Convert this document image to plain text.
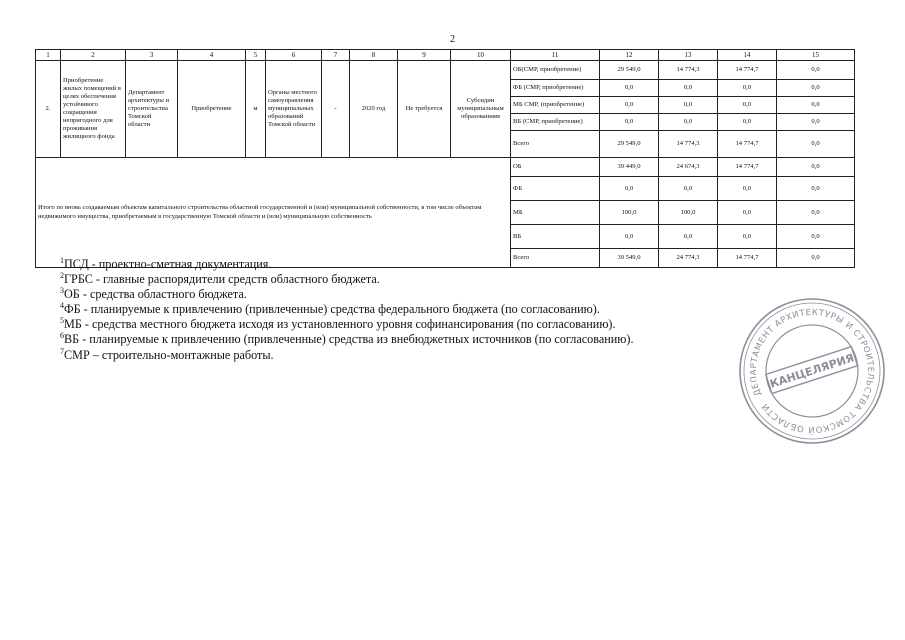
2
1	2	3	4	5	6	7	8	9	10	11	12	13	14	15
2.	Приобретение жилых помещений в целях обеспечения устойчивого сокращения непригодного для проживания жилищного фонда	Департамент архитектуры и строительства Томской области	Приобретение	м	Органы местного самоуправления муниципальных образований Томской области	-	2020 год	Не требуется	Субсидии муниципальным образованиям	ОБ(СМР, приобретение)	29 549,0	14 774,3	14 774,7	0,0
										ФБ (СМР, приобретение)	0,0	0,0	0,0	0,0
										МБ СМР, (приобретение)	0,0	0,0	0,0	0,0
										ВБ (СМР, приобретение)	0,0	0,0	0,0	0,0
										Всего	29 549,0	14 774,3	14 774,7	0,0
Итого по вновь создаваемым объектам капитального строительства областной государственной и (или) муниципальной собственности, в том числе объектам недвижимого имущества, приобретаемым в государственную Томской области и (или) муниципальную собственность										ОБ	39 449,0	24 674,3	14 774,7	0,0
										ФБ	0,0	0,0	0,0	0,0
										МБ	100,0	100,0	0,0	0,0
										ВБ	0,0	0,0	0,0	0,0
										Всего	39 549,0	24 774,3	14 774,7	0,0
$^1$ПСД - проектно-сметная документация.
$^2$ГРБС - главные распорядители средств областного бюджета.
$^3$ОБ - средства областного бюджета.
$^4$ФБ - планируемые к привлечению (привлеченные) средства федерального бюджета (по согласованию).
$^5$МБ - средства местного бюджета исходя из установленного уровня софинансирования (по согласованию).
$^6$ВБ - планируемые к привлечению (привлеченные) средства из внебюджетных источников (по согласованию).
$^7$СМР – строительно-монтажные работы.
ДЕПАРТАМЕНТ АРХИТЕКТУРЫ И СТРОИТЕЛЬСТВА ТОМСКОЙ ОБЛАСТИ
КАНЦЕЛЯРИЯ
